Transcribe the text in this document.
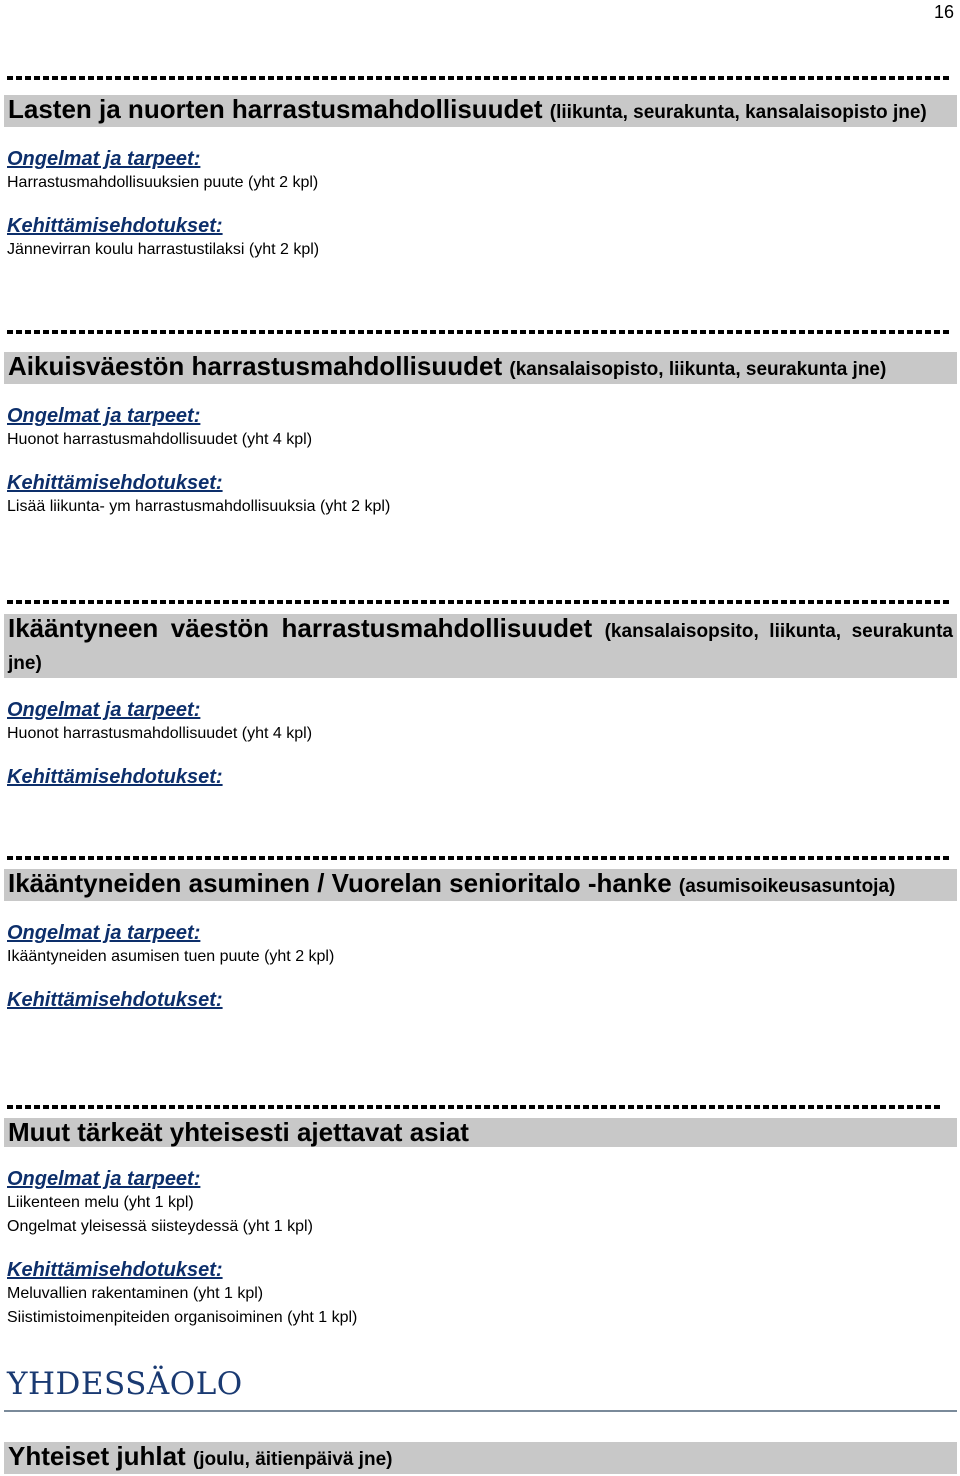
16
Lasten ja nuorten harrastusmahdollisuudet (liikunta, seurakunta, kansalaisopisto jne)
Ongelmat ja tarpeet:
Harrastusmahdollisuuksien puute (yht 2 kpl)
Kehittämisehdotukset:
Jännevirran koulu harrastustilaksi (yht 2 kpl)
Aikuisväestön harrastusmahdollisuudet (kansalaisopisto, liikunta, seurakunta jne)
Ongelmat ja tarpeet:
Huonot harrastusmahdollisuudet (yht 4 kpl)
Kehittämisehdotukset:
Lisää liikunta- ym harrastusmahdollisuuksia (yht 2 kpl)
Ikääntyneen väestön harrastusmahdollisuudet (kansalaisopsito, liikunta, seurakunta jne)
Ongelmat ja tarpeet:
Huonot harrastusmahdollisuudet (yht 4 kpl)
Kehittämisehdotukset:
Ikääntyneiden asuminen / Vuorelan senioritalo -hanke (asumisoikeusasuntoja)
Ongelmat ja tarpeet:
Ikääntyneiden asumisen tuen puute (yht 2 kpl)
Kehittämisehdotukset:
Muut tärkeät yhteisesti ajettavat asiat
Ongelmat ja tarpeet:
Liikenteen melu (yht 1 kpl)
Ongelmat yleisessä siisteydessä (yht 1 kpl)
Kehittämisehdotukset:
Meluvallien rakentaminen (yht 1 kpl)
Siistimistoimenpiteiden organisoiminen (yht 1 kpl)
YHDESSÄOLO
Yhteiset juhlat (joulu, äitienpäivä jne)
